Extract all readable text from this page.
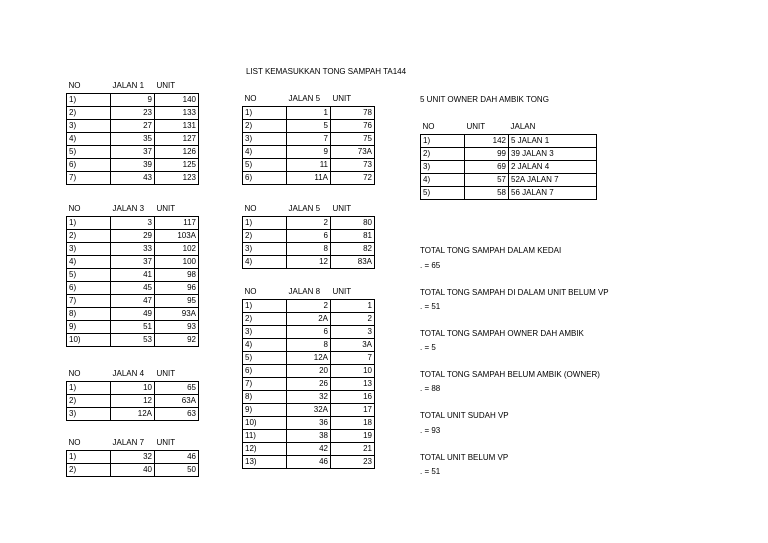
LIST KEMASUKKAN TONG SAMPAH TA144
NO	JALAN 1	UNIT
1)	9	140
2)	23	133
3)	27	131
4)	35	127
5)	37	126
6)	39	125
7)	43	123
NO	JALAN 3	UNIT
1)	3	117
2)	29	103A
3)	33	102
4)	37	100
5)	41	98
6)	45	96
7)	47	95
8)	49	93A
9)	51	93
10)	53	92
NO	JALAN 4	UNIT
1)	10	65
2)	12	63A
3)	12A	63
NO	JALAN 7	UNIT
1)	32	46
2)	40	50
NO	JALAN 5	UNIT
1)	1	78
2)	5	76
3)	7	75
4)	9	73A
5)	11	73
6)	11A	72
NO	JALAN 5	UNIT
1)	2	80
2)	6	81
3)	8	82
4)	12	83A
NO	JALAN 8	UNIT
1)	2	1
2)	2A	2
3)	6	3
4)	8	3A
5)	12A	7
6)	20	10
7)	26	13
8)	32	16
9)	32A	17
10)	36	18
11)	38	19
12)	42	21
13)	46	23
5 UNIT OWNER DAH AMBIK TONG
NO	UNIT	JALAN
1)	142	5 JALAN 1
2)	99	39 JALAN 3
3)	69	2 JALAN 4
4)	57	52A JALAN 7
5)	58	56 JALAN 7
TOTAL TONG SAMPAH DALAM KEDAI
. = 65
TOTAL TONG SAMPAH DI DALAM UNIT BELUM VP
. = 51
TOTAL TONG SAMPAH OWNER DAH AMBIK
. = 5
TOTAL TONG SAMPAH BELUM AMBIK (OWNER)
. = 88
TOTAL UNIT SUDAH VP
. = 93
TOTAL UNIT BELUM VP
. = 51
